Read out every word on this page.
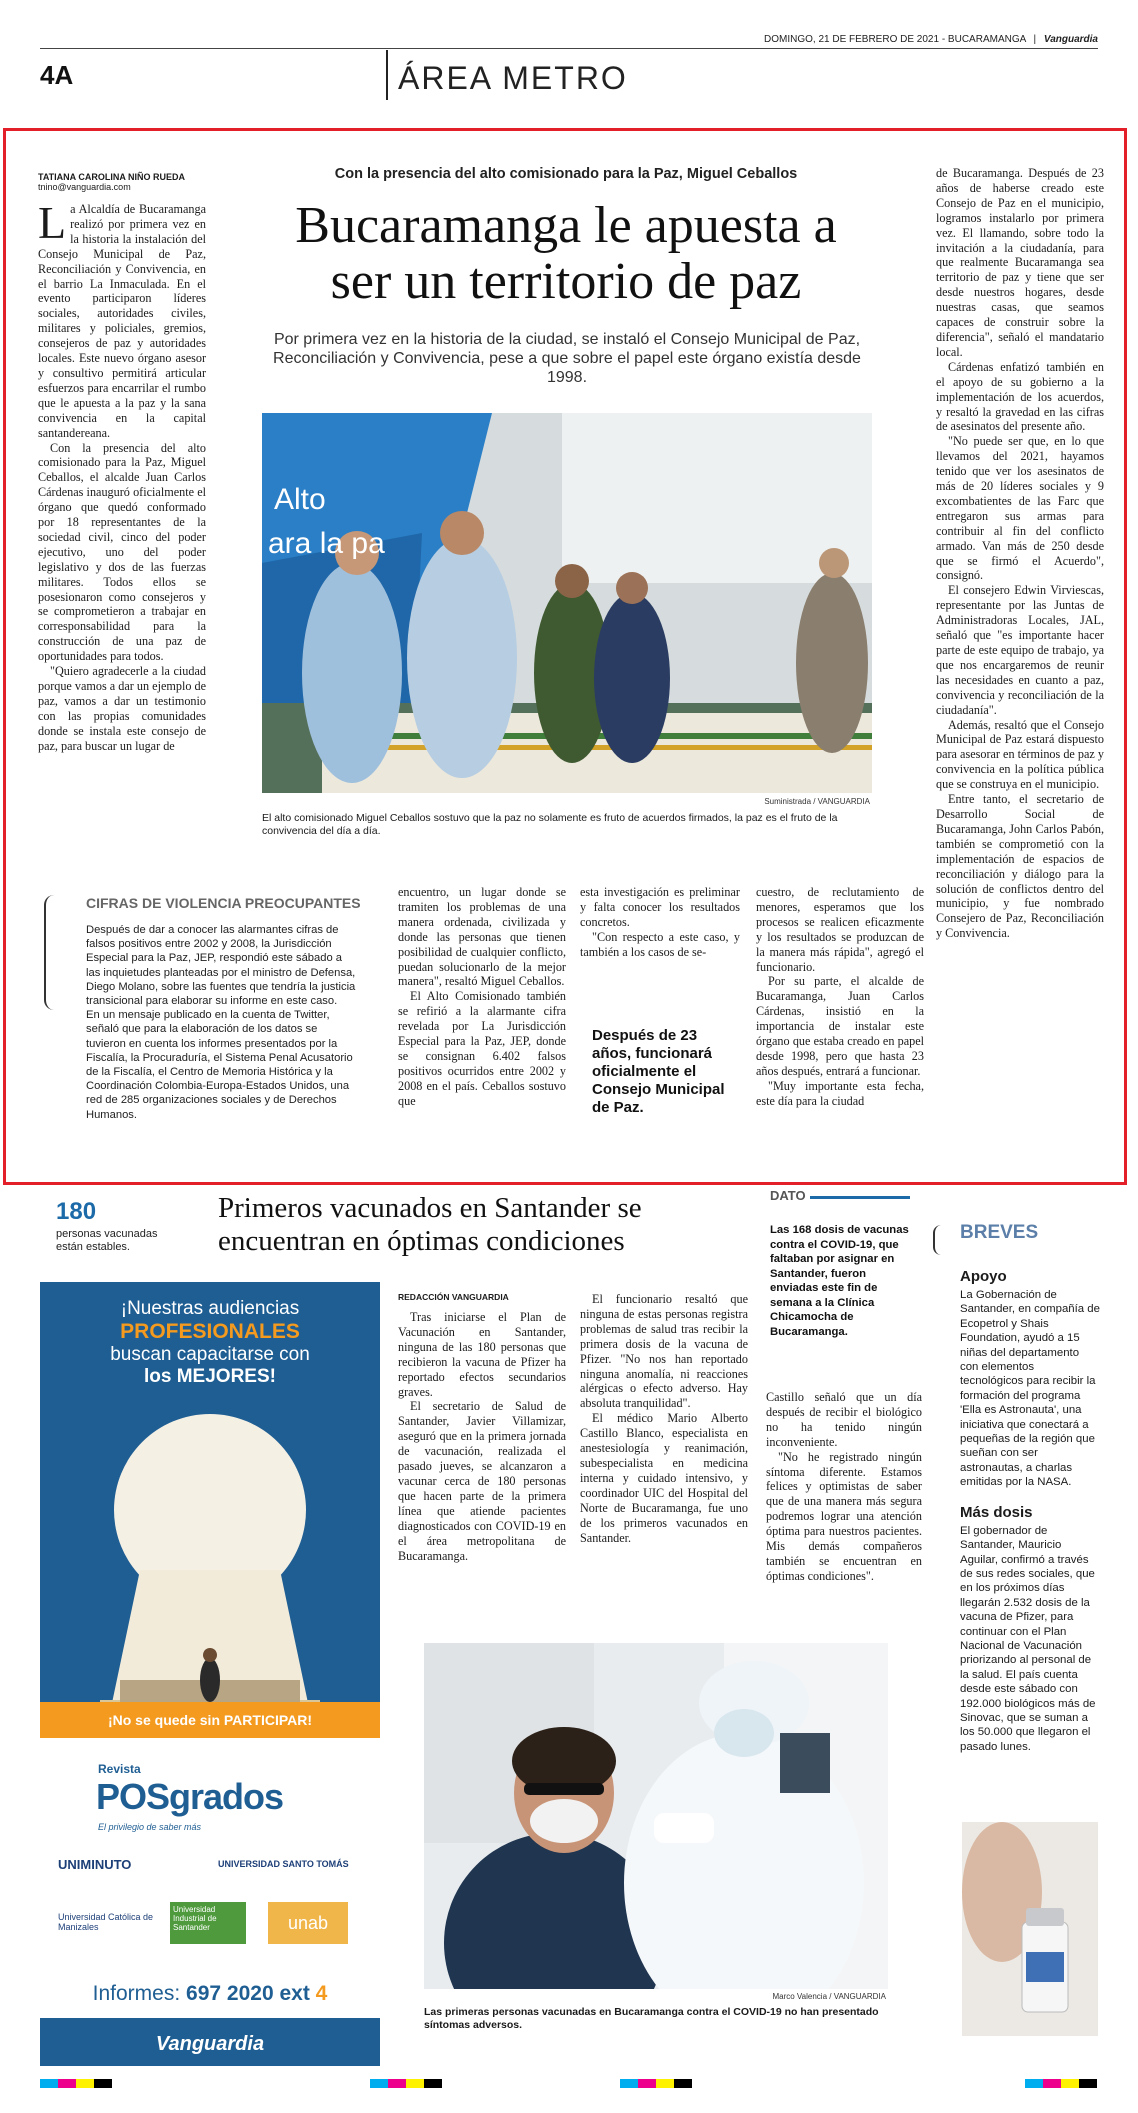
4A	ÁREA METRO
DOMINGO, 21 DE FEBRERO DE 2021 - BUCARAMANGA | Vanguardia
TATIANA CAROLINA NIÑO RUEDA
tnino@vanguardia.com

La Alcaldía de Bucaramanga realizó por primera vez en la historia la instalación del Consejo Municipal de Paz, Reconciliación y Convivencia, en el barrio La Inmaculada. En el evento participaron líderes sociales, autoridades civiles, militares y policiales, gremios, consejeros de paz y autoridades locales. Este nuevo órgano asesor y consultivo permitirá articular esfuerzos para encarrilar el rumbo que le apuesta a la paz y la sana convivencia en la capital santandereana.

Con la presencia del alto comisionado para la Paz, Miguel Ceballos, el alcalde Juan Carlos Cárdenas inauguró oficialmente el órgano que quedó conformado por 18 representantes de la sociedad civil, cinco del poder ejecutivo, uno del poder legislativo y dos de las fuerzas militares. Todos ellos se posesionaron como consejeros y se comprometieron a trabajar en corresponsabilidad para la construcción de una paz de oportunidades para todos.

"Quiero agradecerle a la ciudad porque vamos a dar un ejemplo de paz, vamos a dar un testimonio con las propias comunidades donde se instala este consejo de paz, para buscar un lugar de

Con la presencia del alto comisionado para la Paz, Miguel Ceballos
Bucaramanga le apuesta a
ser un territorio de paz
Por primera vez en la historia de la ciudad, se instaló el Consejo Municipal de Paz, Reconciliación y Convivencia, pese a que sobre el papel este órgano existía desde 1998.
Alto
ara la pa
Suministrada / VANGUARDIA
El alto comisionado Miguel Ceballos sostuvo que la paz no solamente es fruto de acuerdos firmados, la paz es el fruto de la convivencia del día a día.
CIFRAS DE VIOLENCIA PREOCUPANTES
Después de dar a conocer las alarmantes cifras de falsos positivos entre 2002 y 2008, la Jurisdicción Especial para la Paz, JEP, respondió este sábado a las inquietudes planteadas por el ministro de Defensa, Diego Molano, sobre las fuentes que tendría la justicia transicional para elaborar su informe en este caso.
En un mensaje publicado en la cuenta de Twitter, señaló que para la elaboración de los datos se tuvieron en cuenta los informes presentados por la Fiscalía, la Procuraduría, el Sistema Penal Acusatorio de la Fiscalía, el Centro de Memoria Histórica y la Coordinación Colombia-Europa-Estados Unidos, una red de 285 organizaciones sociales y de Derechos Humanos.

encuentro, un lugar donde se tramiten los problemas de una manera ordenada, civilizada y donde las personas que tienen posibilidad de cualquier conflicto, puedan solucionarlo de la mejor manera", resaltó Miguel Ceballos.

El Alto Comisionado también se refirió a la alarmante cifra revelada por La Jurisdicción Especial para la Paz, JEP, donde se consignan 6.402 falsos positivos ocurridos entre 2002 y 2008 en el país. Ceballos sostuvo que

esta investigación es preliminar y falta conocer los resultados concretos.

"Con respecto a este caso, y también a los casos de se-

Después de 23 años, funcionará oficialmente el Consejo Municipal de Paz.

cuestro, de reclutamiento de menores, esperamos que los procesos se realicen eficazmente y los resultados se produzcan de la manera más rápida", agregó el funcionario.

Por su parte, el alcalde de Bucaramanga, Juan Carlos Cárdenas, insistió en la importancia de instalar este órgano que estaba creado en papel desde 1998, pero que hasta 23 años después, entrará a funcionar.

"Muy importante esta fecha, este día para la ciudad

de Bucaramanga. Después de 23 años de haberse creado este Consejo de Paz en el municipio, logramos instalarlo por primera vez. El llamando, sobre todo la invitación a la ciudadanía, para que realmente Bucaramanga sea territorio de paz y tiene que ser desde nuestros hogares, desde nuestras casas, que seamos capaces de construir sobre la diferencia", señaló el mandatario local.

Cárdenas enfatizó también en el apoyo de su gobierno a la implementación de los acuerdos, y resaltó la gravedad en las cifras de asesinatos del presente año.

"No puede ser que, en lo que llevamos del 2021, hayamos tenido que ver los asesinatos de más de 20 líderes sociales y 9 excombatientes de las Farc que entregaron sus armas para contribuir al fin del conflicto armado. Van más de 250 desde que se firmó el Acuerdo", consignó.

El consejero Edwin Virviescas, representante por las Juntas de Administradoras Locales, JAL, señaló que "es importante hacer parte de este equipo de trabajo, ya que nos encargaremos de reunir las necesidades en cuanto a paz, convivencia y reconciliación de la ciudadanía".

Además, resaltó que el Consejo Municipal de Paz estará dispuesto para asesorar en términos de paz y convivencia en la política pública que se construya en el municipio.

Entre tanto, el secretario de Desarrollo Social de Bucaramanga, John Carlos Pabón, también se comprometió con la implementación de espacios de reconciliación y diálogo para la solución de conflictos dentro del municipio, y fue nombrado Consejero de Paz, Reconciliación y Convivencia.

180
personas vacunadas están estables.
Primeros vacunados en Santander se
encuentran en óptimas condiciones
DATO
Las 168 dosis de vacunas contra el COVID-19, que faltaban por asignar en Santander, fueron enviadas este fin de semana a la Clínica Chicamocha de Bucaramanga.
REDACCIÓN VANGUARDIA

Tras iniciarse el Plan de Vacunación en Santander, ninguna de las 180 personas que recibieron la vacuna de Pfizer ha reportado efectos secundarios graves.

El secretario de Salud de Santander, Javier Villamizar, aseguró que en la primera jornada de vacunación, realizada el pasado jueves, se alcanzaron a vacunar cerca de 180 personas que hacen parte de la primera línea que atiende pacientes diagnosticados con COVID-19 en el área metropolitana de Bucaramanga.

El funcionario resaltó que ninguna de estas personas registra problemas de salud tras recibir la primera dosis de la vacuna de Pfizer. "No nos han reportado ninguna anomalía, ni reacciones alérgicas o efecto adverso. Hay absoluta tranquilidad".

El médico Mario Alberto Castillo Blanco, especialista en anestesiología y reanimación, subespecialista en medicina interna y cuidado intensivo, y coordinador UIC del Hospital del Norte de Bucaramanga, fue uno de los primeros vacunados en Santander.

Castillo señaló que un día después de recibir el biológico no ha tenido ningún inconveniente.

"No he registrado ningún síntoma diferente. Estamos felices y optimistas de saber que de una manera más segura podremos lograr una atención óptima para nuestros pacientes. Mis demás compañeros también se encuentran en óptimas condiciones".

Marco Valencia / VANGUARDIA
Las primeras personas vacunadas en Bucaramanga contra el COVID-19 no han presentado síntomas adversos.
¡Nuestras audiencias
PROFESIONALES
buscan capacitarse con
los MEJORES!
¡No se quede sin PARTICIPAR!
Revista
POSgrados
El privilegio de saber más
UNIMINUTO	UNIVERSIDAD SANTO TOMÁS
Universidad Católica de Manizales
Universidad Industrial de Santander	unab
Informes: 697 2020 ext 4
Vanguardia
BREVES
Apoyo
La Gobernación de Santander, en compañía de Ecopetrol y Shais Foundation, ayudó a 15 niñas del departamento con elementos tecnológicos para recibir la formación del programa 'Ella es Astronauta', una iniciativa que conectará a pequeñas de la región que sueñan con ser astronautas, a charlas emitidas por la NASA.
Más dosis
El gobernador de Santander, Mauricio Aguilar, confirmó a través de sus redes sociales, que en los próximos días llegarán 2.532 dosis de la vacuna de Pfizer, para continuar con el Plan Nacional de Vacunación priorizando al personal de la salud. El país cuenta desde este sábado con 192.000 biológicos más de Sinovac, que se suman a los 50.000 que llegaron el pasado lunes.
